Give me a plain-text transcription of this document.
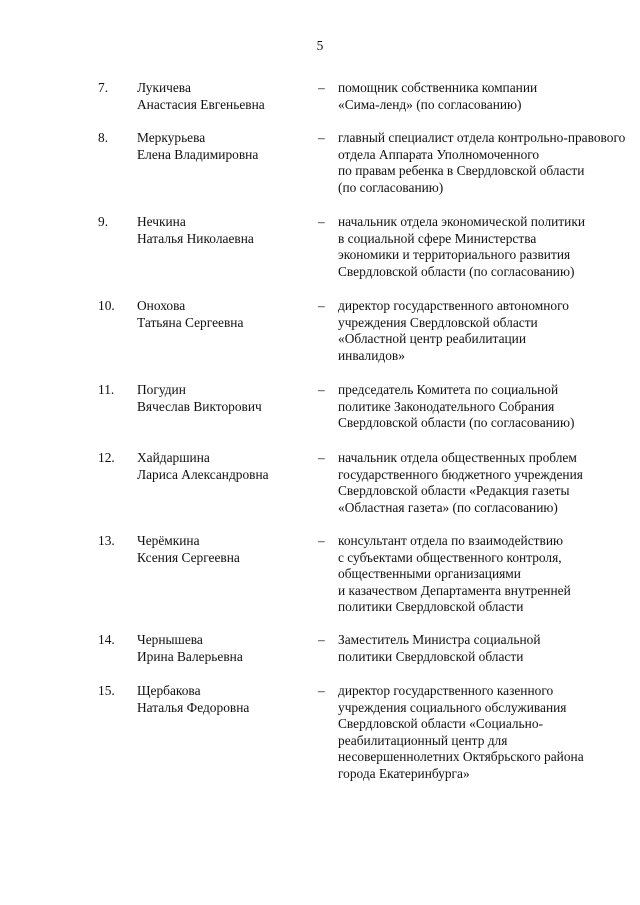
5
7. Лукичева
Анастасия Евгеньевна
– помощник собственника компании
«Сима-ленд» (по согласованию)
8. Меркурьева
Елена Владимировна
– главный специалист отдела контрольно-правового
отдела Аппарата Уполномоченного
по правам ребенка в Свердловской области
(по согласованию)
9. Нечкина
Наталья Николаевна
– начальник отдела экономической политики
в социальной сфере Министерства
экономики и территориального развития
Свердловской области (по согласованию)
10. Онохова
Татьяна Сергеевна
– директор государственного автономного
учреждения Свердловской области
«Областной центр реабилитации
инвалидов»
11. Погудин
Вячеслав Викторович
– председатель Комитета по социальной
политике Законодательного Собрания
Свердловской области (по согласованию)
12. Хайдаршина
Лариса Александровна
– начальник отдела общественных проблем
государственного бюджетного учреждения
Свердловской области «Редакция газеты
«Областная газета» (по согласованию)
13. Черёмкина
Ксения Сергеевна
– консультант отдела по взаимодействию
с субъектами общественного контроля,
общественными организациями
и казачеством Департамента внутренней
политики Свердловской области
14. Чернышева
Ирина Валерьевна
– Заместитель Министра социальной
политики Свердловской области
15. Щербакова
Наталья Федоровна
– директор государственного казенного
учреждения социального обслуживания
Свердловской области «Социально-
реабилитационный центр для
несовершеннолетних Октябрьского района
города Екатеринбурга»
